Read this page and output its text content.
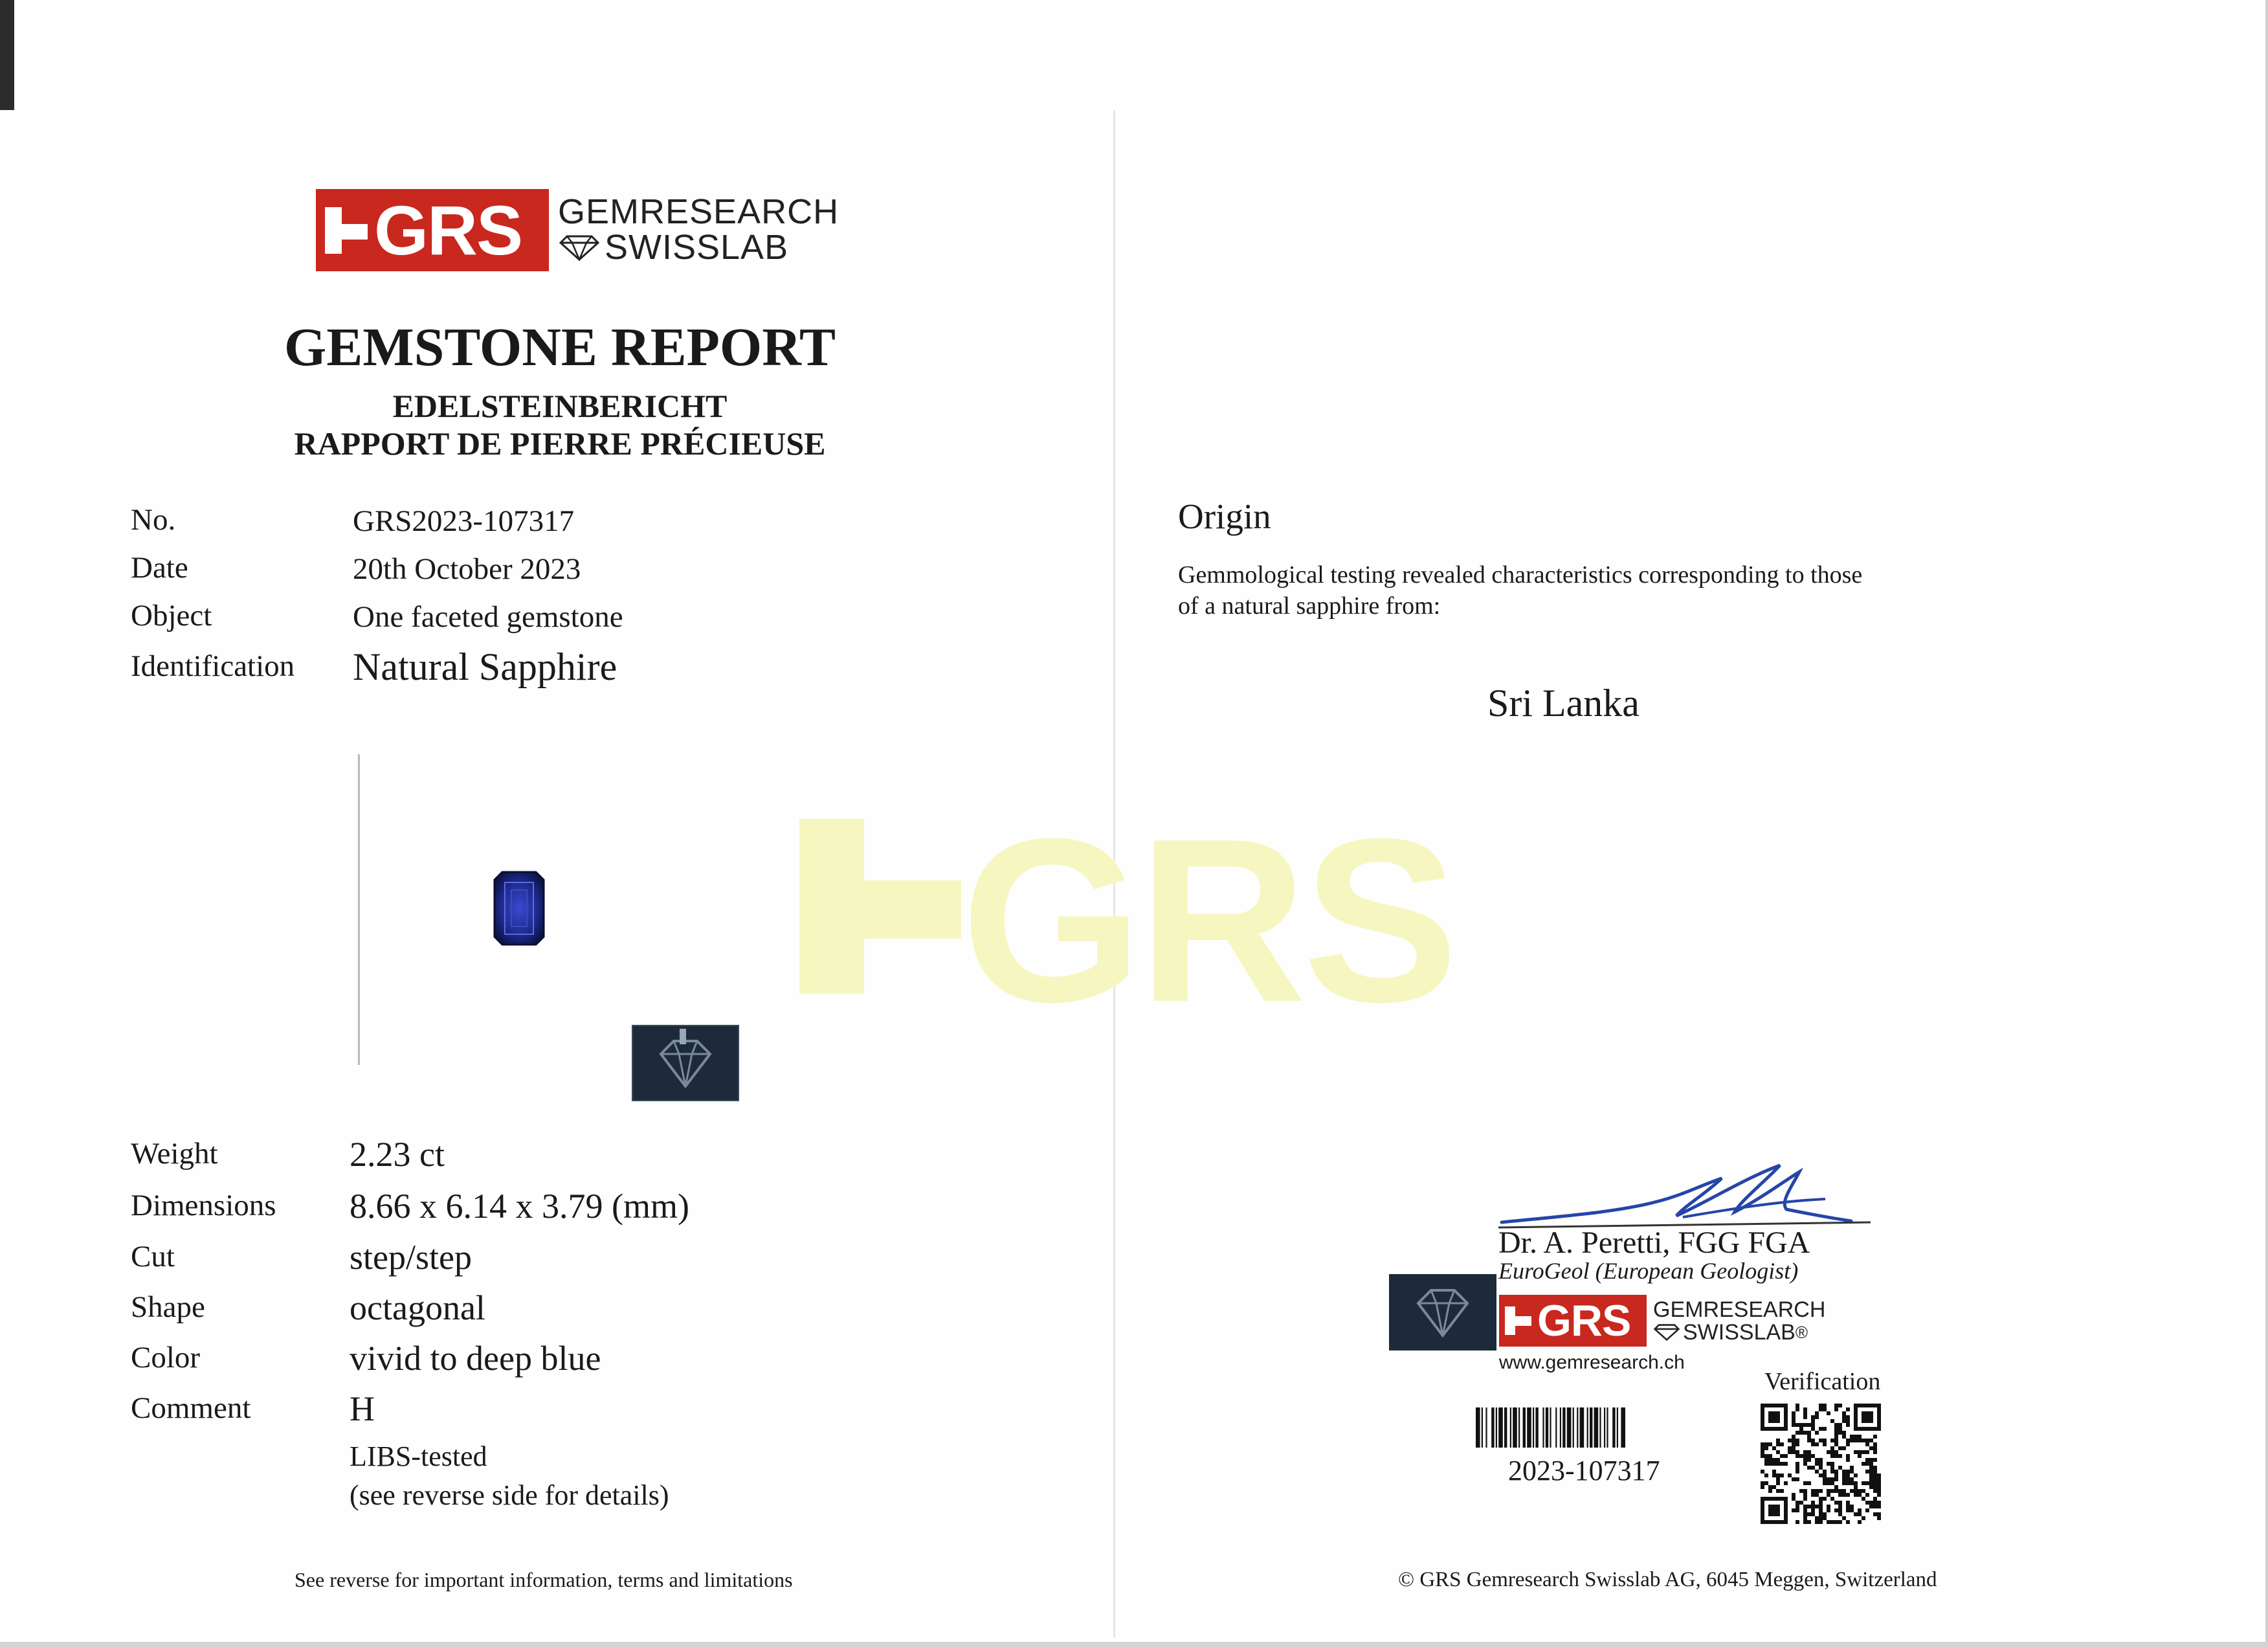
GRS
GRS GEMRESEARCH
SWISSLAB
GEMSTONE REPORT
EDELSTEINBERICHT
RAPPORT DE PIERRE PRÉCIEUSE
No.	GRS2023-107317
Date	20th October 2023
Object	One faceted gemstone
Identification Natural Sapphire
Weight	2.23 ct
Dimensions 8.66 x 6.14 x 3.79 (mm)
Cut	step/step
Shape	octagonal
Color	vivid to deep blue
Comment	H
LIBS-tested
(see reverse side for details)
See reverse for important information, terms and limitations
Origin
Gemmological testing revealed characteristics corresponding to those
of a natural sapphire from:
Sri Lanka
Dr. A. Peretti, FGG FGA
EuroGeol (European Geologist)
GRS GEMRESEARCH
SWISSLAB ®
www.gemresearch.ch
Verification
2023-107317
© GRS Gemresearch Swisslab AG, 6045 Meggen, Switzerland
